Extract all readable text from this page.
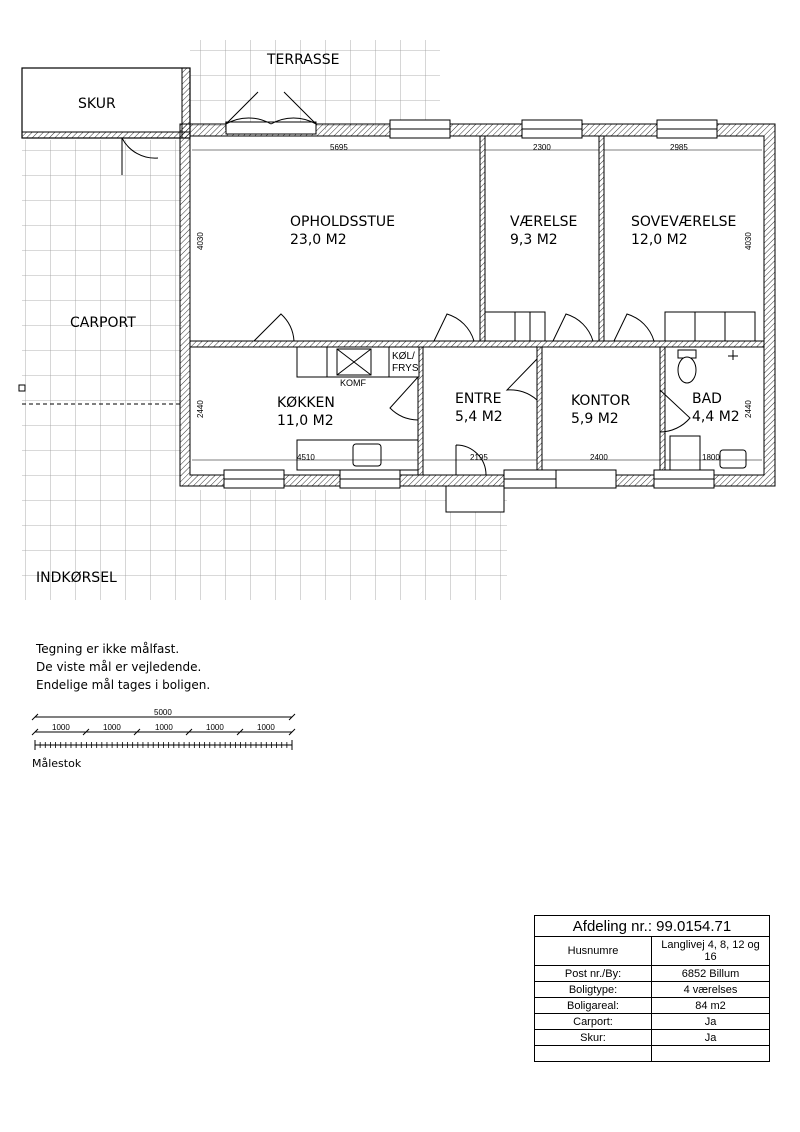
5695	2300	2985
4030	4030
2440	2440
4510	2195	2400	1800
TERRASSE
SKUR
CARPORT
INDKØRSEL
OPHOLDSSTUE
23,0 M2
VÆRELSE
9,3 M2
SOVEVÆRELSE
12,0 M2
KØKKEN
11,0 M2
ENTRE
5,4 M2
KONTOR
5,9 M2
BAD
4,4 M2
KØL/
FRYS
KOMF
Tegning er ikke målfast.
De viste mål er vejledende.
Endelige mål tages i boligen.
5000
1000	1000	1000	1000	1000
Målestok
Afdeling nr.: 99.0154.71	
Husnumre	Langlivej 4, 8, 12 og 16
Post nr./By:	6852 Billum
Boligtype:	4 værelses
Boligareal:	84 m2
Carport:	Ja
Skur:	Ja
